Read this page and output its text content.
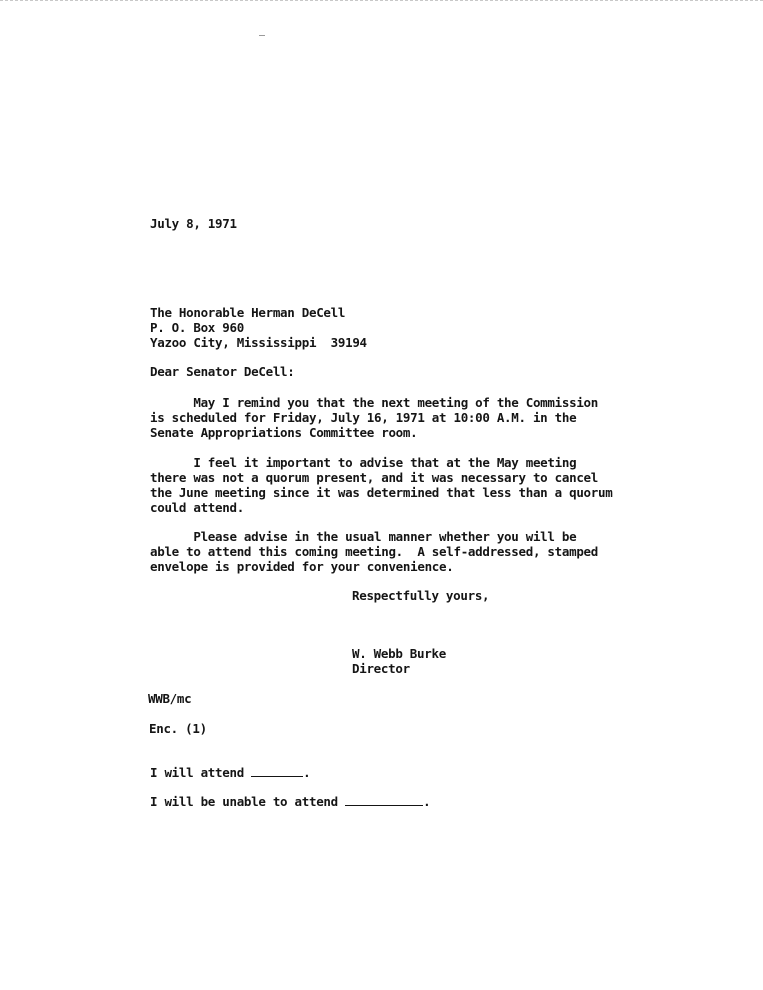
July 8, 1971
The Honorable Herman DeCell
P. O. Box 960
Yazoo City, Mississippi  39194
Dear Senator DeCell:
May I remind you that the next meeting of the Commission
is scheduled for Friday, July 16, 1971 at 10:00 A.M. in the
Senate Appropriations Committee room.
I feel it important to advise that at the May meeting
there was not a quorum present, and it was necessary to cancel
the June meeting since it was determined that less than a quorum
could attend.
Please advise in the usual manner whether you will be
able to attend this coming meeting.  A self-addressed, stamped
envelope is provided for your convenience.
Respectfully yours,
W. Webb Burke
Director
WWB/mc
Enc. (1)
I will attend	.
I will be unable to attend	.
